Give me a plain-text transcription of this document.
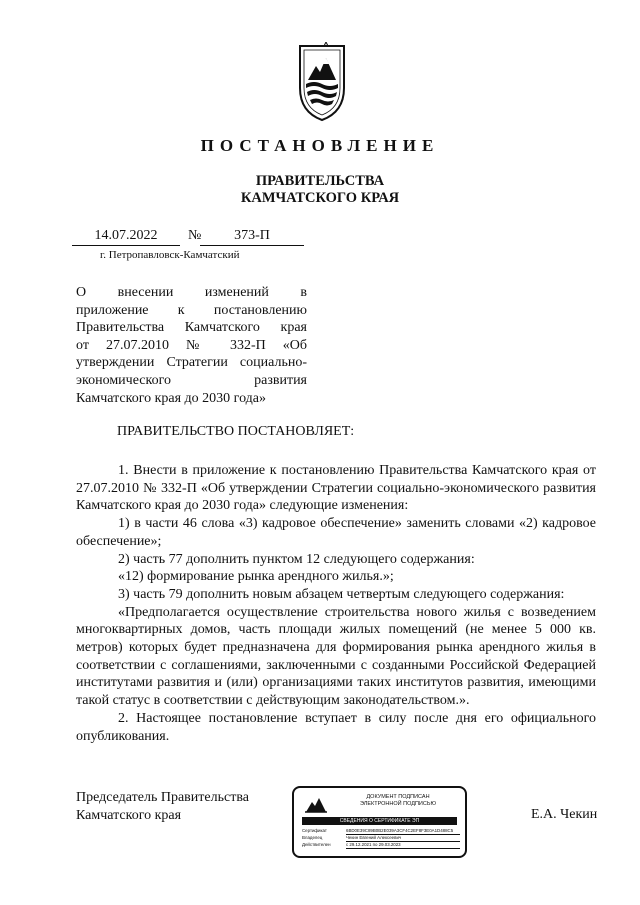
ПОСТАНОВЛЕНИЕ
ПРАВИТЕЛЬСТВА
КАМЧАТСКОГО КРАЯ
14.07.2022	№	373-П
г. Петропавловск-Камчатский
О внесении изменений в
приложение к постановлению
Правительства Камчатского края
от 27.07.2010 № 332-П «Об
утверждении Стратегии социально-
экономического развития
Камчатского края до 2030 года»
ПРАВИТЕЛЬСТВО ПОСТАНОВЛЯЕТ:

1. Внести в приложение к постановлению Правительства Камчатского края от 27.07.2010 № 332-П «Об утверждении Стратегии социально-экономического развития Камчатского края до 2030 года» следующие изменения:

1) в части 46 слова «3) кадровое обеспечение» заменить словами «2) кадровое обеспечение»;

2) часть 77 дополнить пунктом 12 следующего содержания:

«12) формирование рынка арендного жилья.»;

3) часть 79 дополнить новым абзацем четвертым следующего содержания:

«Предполагается осуществление строительства нового жилья с возведением многоквартирных домов, часть площади жилых помещений (не менее 5 000 кв. метров) которых будет предназначена для формирования рынка арендного жилья в соответствии с соглашениями, заключенными с созданными Российской Федерацией институтами развития и (или) организациями таких институтов развития, имеющими такой статус в соответствии с действующим законодательством.».

2. Настоящее постановление вступает в силу после дня его официального опубликования.

Председатель Правительства
Камчатского края
ДОКУМЕНТ ПОДПИСАН
ЭЛЕКТРОННОЙ ПОДПИСЬЮ
СВЕДЕНИЯ О СЕРТИФИКАТЕ ЭП
Сертификат	6BD0E39C89B0B2E039A3CF4C2EF8F3E0A1D488C5
Владелец	Чекин Евгений Алексеевич
Действителен	с 29.12.2021 по 29.03.2023
Е.А. Чекин
